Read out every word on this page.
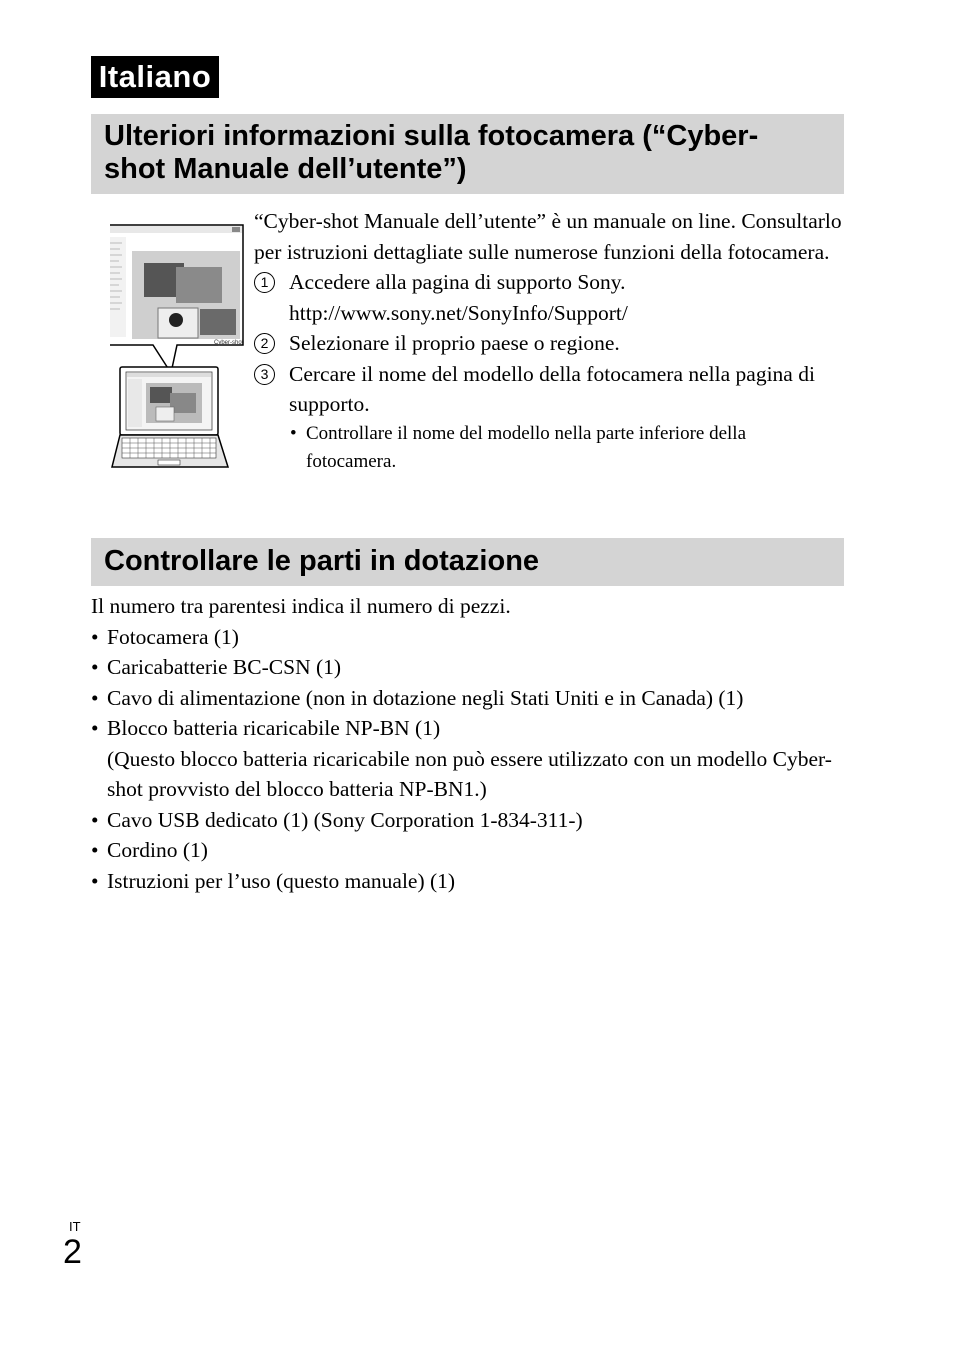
Italiano
Ulteriori informazioni sulla fotocamera (“Cyber-
shot Manuale dell’utente”)
Cyber-shot
“Cyber-shot Manuale dell’utente” è un manuale on line. Consultarlo per istruzioni dettagliate sulle numerose funzioni della fotocamera.
1 Accedere alla pagina di supporto Sony.
http://www.sony.net/SonyInfo/Support/
2 Selezionare il proprio paese o regione.
3 Cercare il nome del modello della fotocamera nella pagina di supporto.
• Controllare il nome del modello nella parte inferiore della fotocamera.
Controllare le parti in dotazione
Il numero tra parentesi indica il numero di pezzi.
• Fotocamera (1)
• Caricabatterie BC-CSN (1)
• Cavo di alimentazione (non in dotazione negli Stati Uniti e in Canada) (1)
• Blocco batteria ricaricabile NP-BN (1)
(Questo blocco batteria ricaricabile non può essere utilizzato con un modello Cyber-shot provvisto del blocco batteria NP-BN1.)
• Cavo USB dedicato (1) (Sony Corporation 1-834-311-)
• Cordino (1)
• Istruzioni per l’uso (questo manuale) (1)
IT
2
